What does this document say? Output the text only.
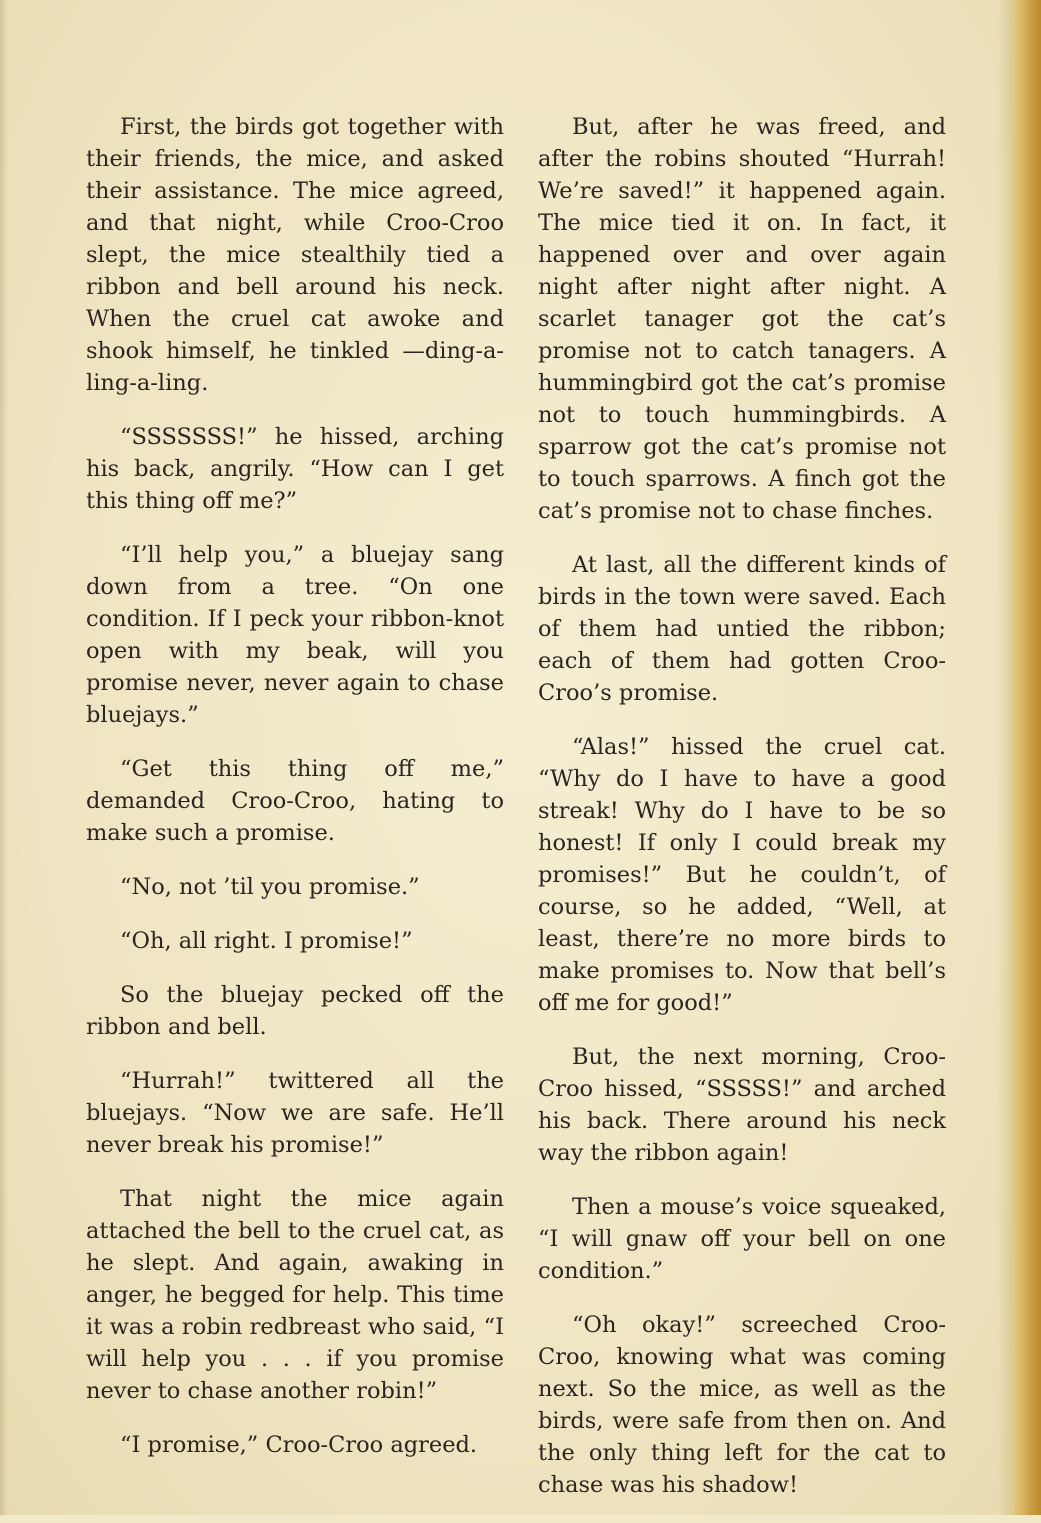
First, the birds got together with their friends, the mice, and asked their assistance. The mice agreed, and that night, while Croo-Croo slept, the mice stealthily tied a ribbon and bell around his neck. When the cruel cat awoke and shook himself, he tinkled —ding-a-ling-a-ling.

“SSSSSSS!” he hissed, arching his back, angrily. “How can I get this thing off me?”

“I’ll help you,” a bluejay sang down from a tree. “On one condition. If I peck your ribbon-knot open with my beak, will you promise never, never again to chase bluejays.”

“Get this thing off me,” demanded Croo-Croo, hating to make such a promise.

“No, not ’til you promise.”

“Oh, all right. I promise!”

So the bluejay pecked off the ribbon and bell.

“Hurrah!” twittered all the bluejays. “Now we are safe. He’ll never break his promise!”

That night the mice again attached the bell to the cruel cat, as he slept. And again, awaking in anger, he begged for help. This time it was a robin redbreast who said, “I will help you . . . if you promise never to chase another robin!”

“I promise,” Croo-Croo agreed.

But, after he was freed, and after the robins shouted “Hurrah! We’re saved!” it happened again. The mice tied it on. In fact, it happened over and over again night after night after night. A scarlet tanager got the cat’s promise not to catch tanagers. A hummingbird got the cat’s promise not to touch hummingbirds. A sparrow got the cat’s promise not to touch sparrows. A finch got the cat’s promise not to chase finches.

At last, all the different kinds of birds in the town were saved. Each of them had untied the ribbon; each of them had gotten Croo-Croo’s promise.

“Alas!” hissed the cruel cat. “Why do I have to have a good streak! Why do I have to be so honest! If only I could break my promises!” But he couldn’t, of course, so he added, “Well, at least, there’re no more birds to make promises to. Now that bell’s off me for good!”

But, the next morning, Croo-Croo hissed, “SSSSS!” and arched his back. There around his neck way the ribbon again!

Then a mouse’s voice squeaked, “I will gnaw off your bell on one condition.”

“Oh okay!” screeched Croo-Croo, knowing what was coming next. So the mice, as well as the birds, were safe from then on. And the only thing left for the cat to chase was his shadow!
